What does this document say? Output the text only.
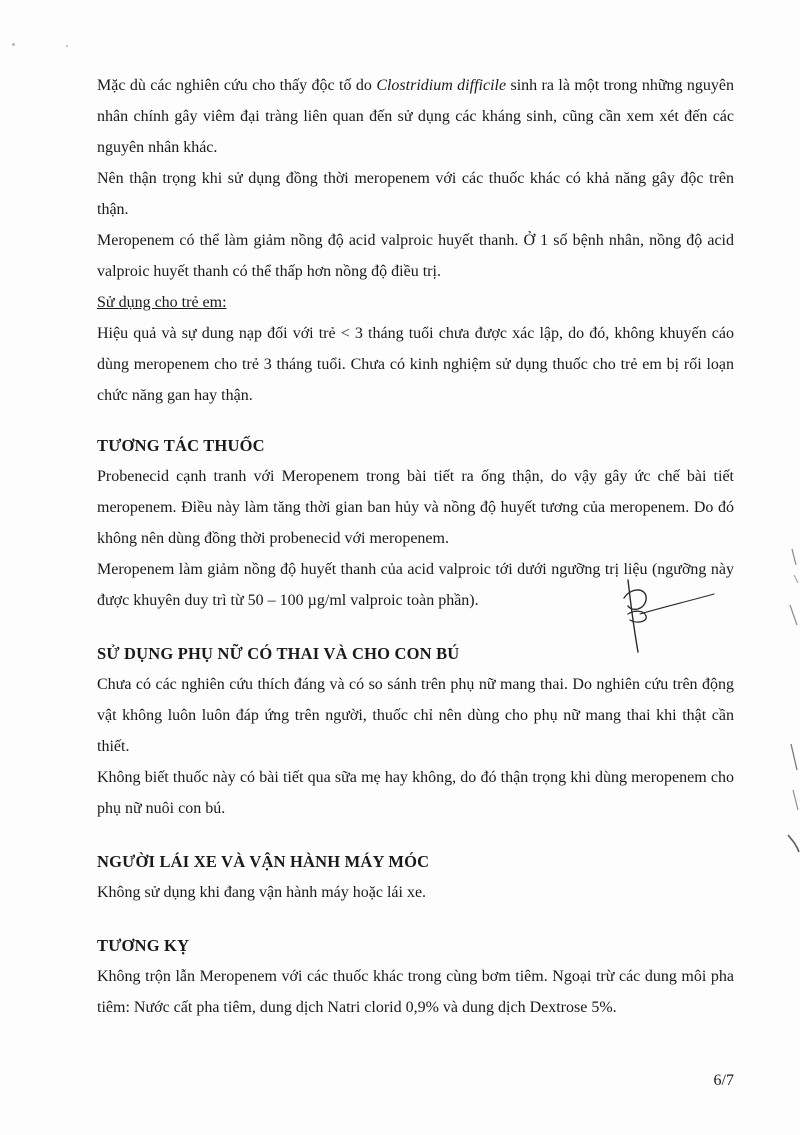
Mặc dù các nghiên cứu cho thấy độc tố do Clostridium difficile sinh ra là một trong những nguyên nhân chính gây viêm đại tràng liên quan đến sử dụng các kháng sinh, cũng cần xem xét đến các nguyên nhân khác.

Nên thận trọng khi sử dụng đồng thời meropenem với các thuốc khác có khả năng gây độc trên thận.

Meropenem có thể làm giảm nồng độ acid valproic huyết thanh. Ở 1 số bệnh nhân, nồng độ acid valproic huyết thanh có thể thấp hơn nồng độ điều trị.

Sử dụng cho trẻ em:

Hiệu quả và sự dung nạp đối với trẻ < 3 tháng tuổi chưa được xác lập, do đó, không khuyến cáo dùng meropenem cho trẻ 3 tháng tuổi. Chưa có kinh nghiệm sử dụng thuốc cho trẻ em bị rối loạn chức năng gan hay thận.

TƯƠNG TÁC THUỐC

Probenecid cạnh tranh với Meropenem trong bài tiết ra ống thận, do vậy gây ức chế bài tiết meropenem. Điều này làm tăng thời gian ban hủy và nồng độ huyết tương của meropenem. Do đó không nên dùng đồng thời probenecid với meropenem.

Meropenem làm giảm nồng độ huyết thanh của acid valproic tới dưới ngưỡng trị liệu (ngưỡng này được khuyên duy trì từ 50 – 100 µg/ml valproic toàn phần).

SỬ DỤNG PHỤ NỮ CÓ THAI VÀ CHO CON BÚ

Chưa có các nghiên cứu thích đáng và có so sánh trên phụ nữ mang thai. Do nghiên cứu trên động vật không luôn luôn đáp ứng trên người, thuốc chỉ nên dùng cho phụ nữ mang thai khi thật cần thiết.

Không biết thuốc này có bài tiết qua sữa mẹ hay không, do đó thận trọng khi dùng meropenem cho phụ nữ nuôi con bú.

NGƯỜI LÁI XE VÀ VẬN HÀNH MÁY MÓC

Không sử dụng khi đang vận hành máy hoặc lái xe.

TƯƠNG KỴ

Không trộn lẫn Meropenem với các thuốc khác trong cùng bơm tiêm. Ngoại trừ các dung môi pha tiêm: Nước cất pha tiêm, dung dịch Natri clorid 0,9% và dung dịch Dextrose 5%.

6/7
